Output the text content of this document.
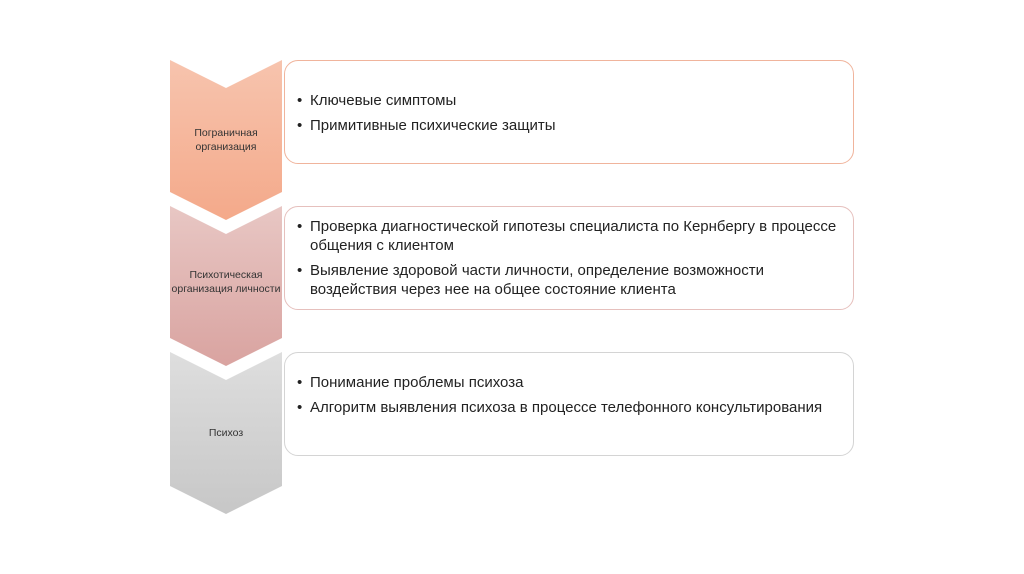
Пограничная организация
Психотическая организация личности
Психоз
• Ключевые симптомы
• Примитивные психические защиты
• Проверка диагностической гипотезы специалиста по Кернбергу в процессе общения с клиентом
• Выявление здоровой части личности, определение возможности воздействия через нее на общее состояние клиента
• Понимание проблемы психоза
• Алгоритм выявления психоза в процессе телефонного консультирования
